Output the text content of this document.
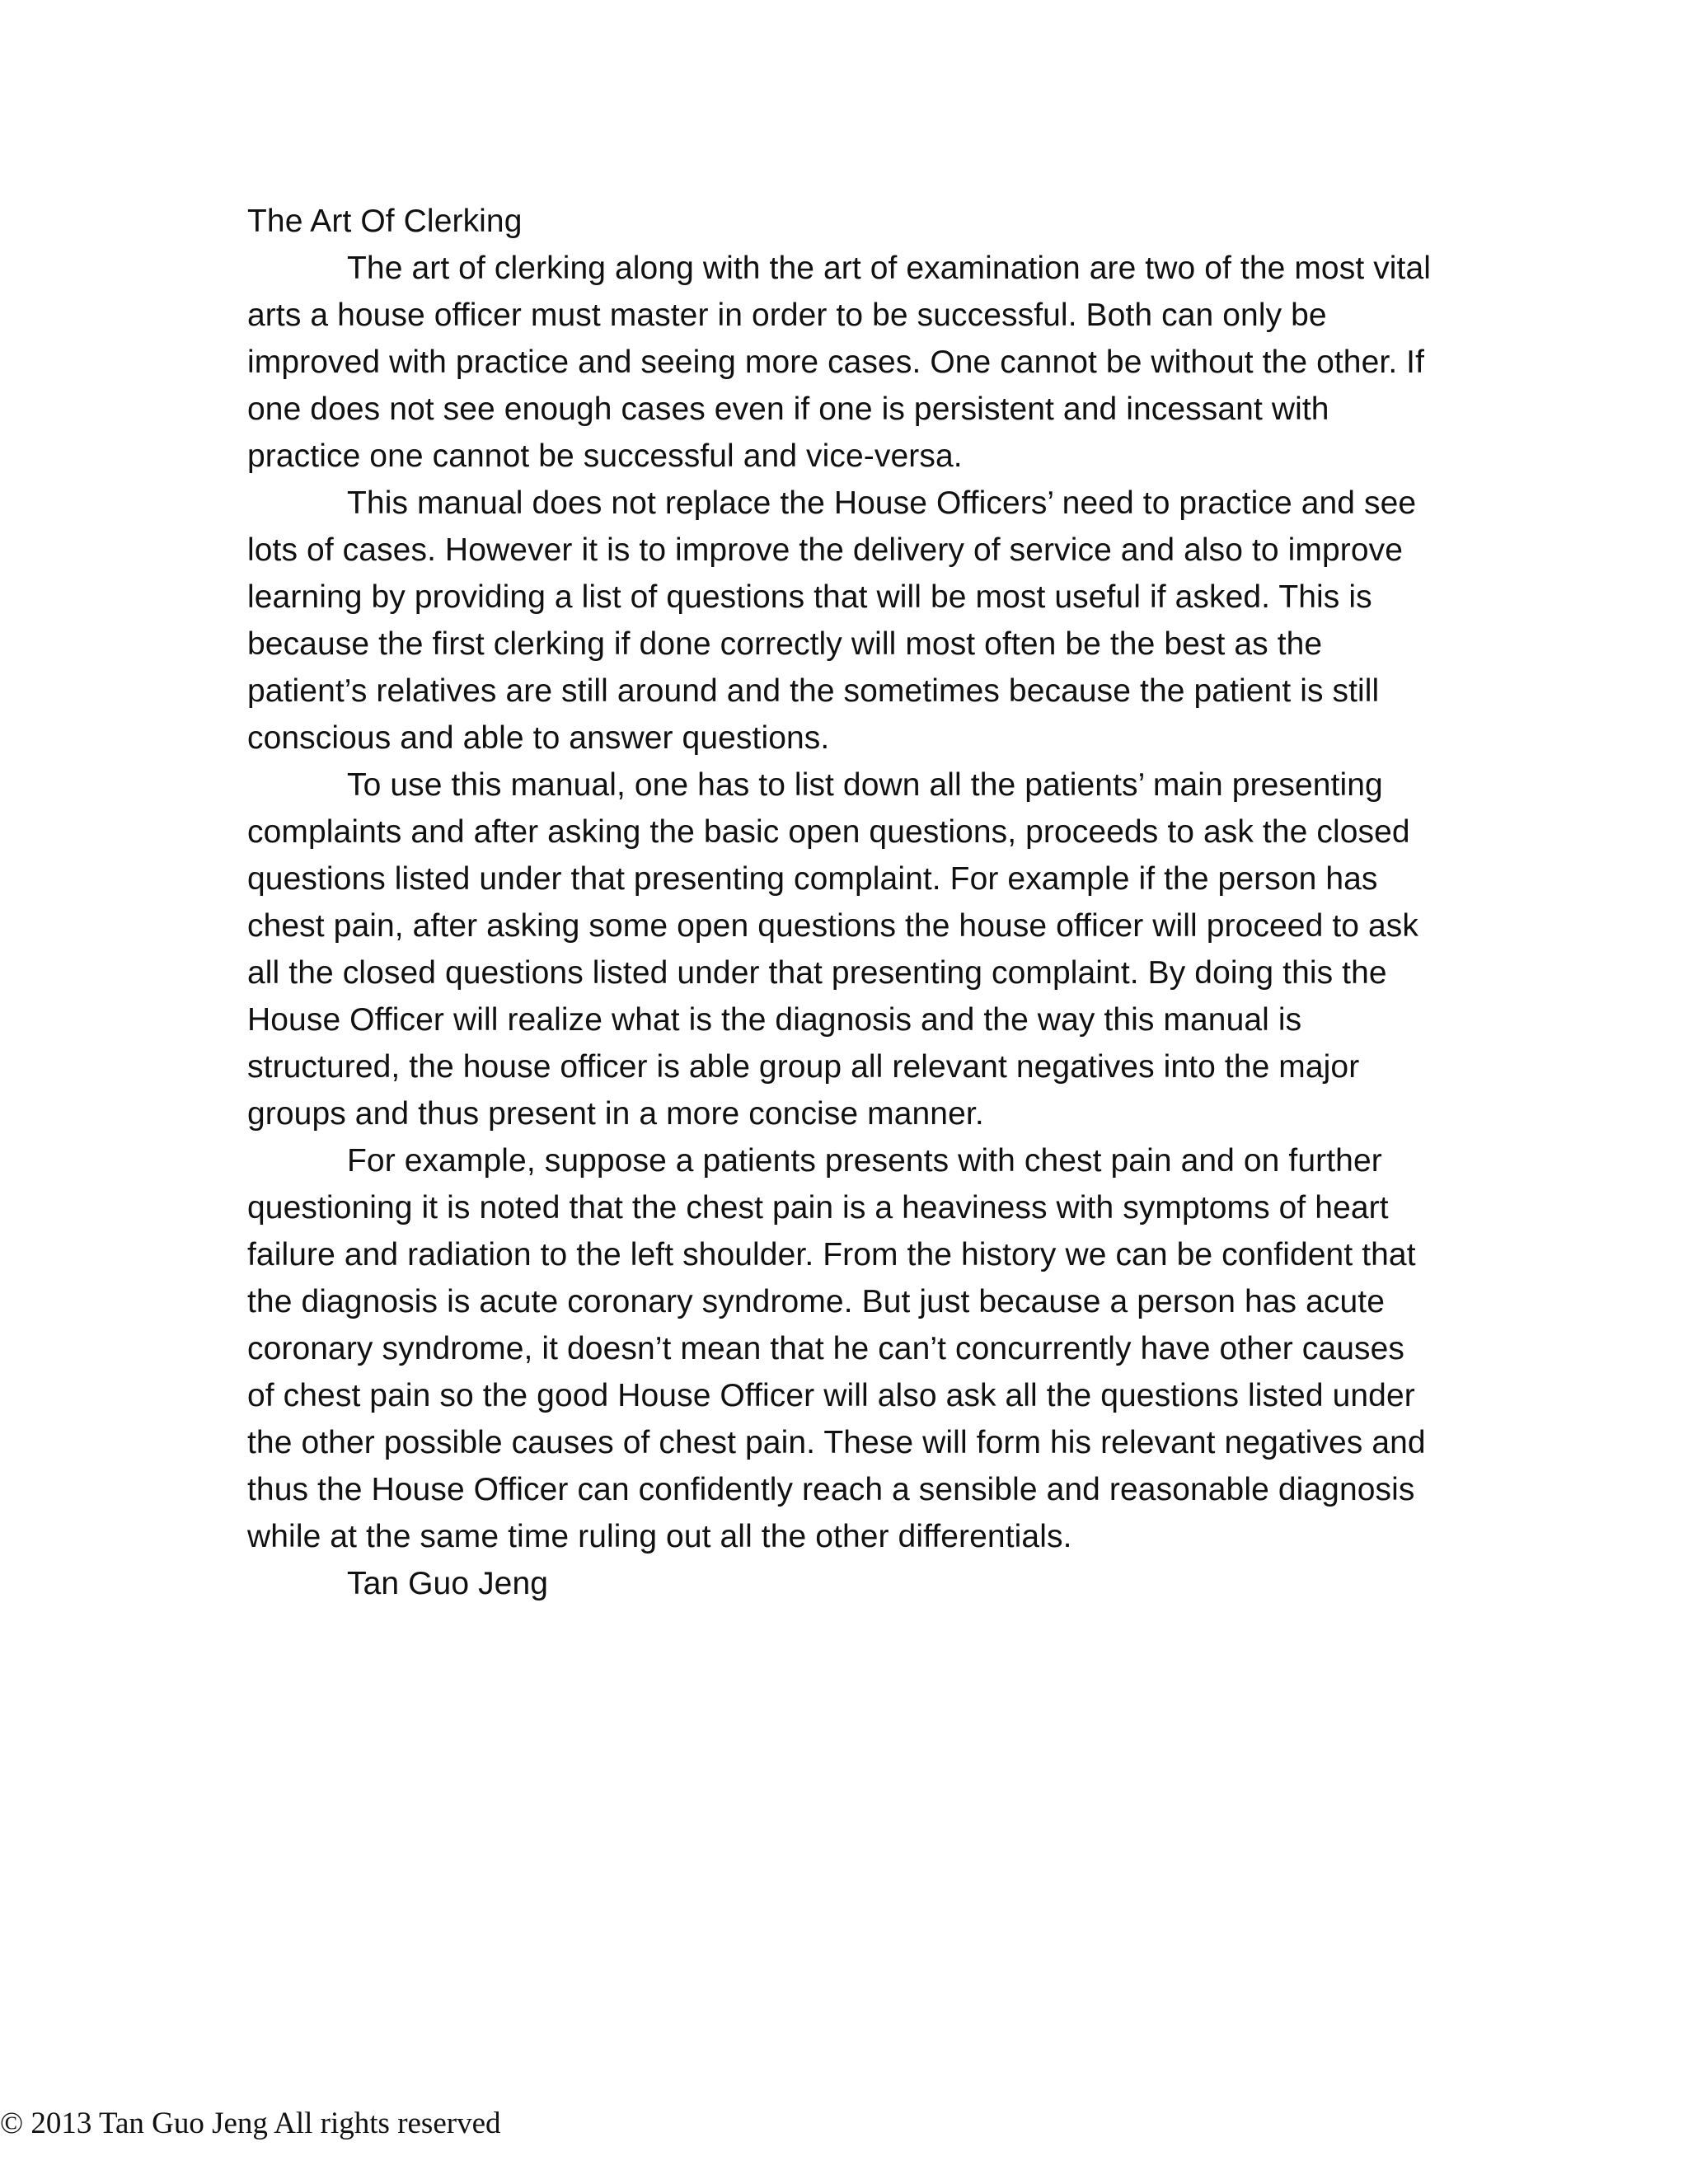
The Art Of Clerking

The art of clerking along with the art of examination are two of the most vital arts a house officer must master in order to be successful. Both can only be improved with practice and seeing more cases. One cannot be without the other. If one does not see enough cases even if one is persistent and incessant with practice one cannot be successful and vice-versa.

This manual does not replace the House Officers’ need to practice and see lots of cases. However it is to improve the delivery of service and also to improve learning by providing a list of questions that will be most useful if asked. This is because the first clerking if done correctly will most often be the best as the patient’s relatives are still around and the sometimes because the patient is still conscious and able to answer questions.

To use this manual, one has to list down all the patients’ main presenting complaints and after asking the basic open questions, proceeds to ask the closed questions listed under that presenting complaint. For example if the person has chest pain, after asking some open questions the house officer will proceed to ask all the closed questions listed under that presenting complaint. By doing this the House Officer will realize what is the diagnosis and the way this manual is structured, the house officer is able group all relevant negatives into the major groups and thus present in a more concise manner.

For example, suppose a patients presents with chest pain and on further questioning it is noted that the chest pain is a heaviness with symptoms of heart failure and radiation to the left shoulder. From the history we can be confident that the diagnosis is acute coronary syndrome. But just because a person has acute coronary syndrome, it doesn’t mean that he can’t concurrently have other causes of chest pain so the good House Officer will also ask all the questions listed under the other possible causes of chest pain. These will form his relevant negatives and thus the House Officer can confidently reach a sensible and reasonable diagnosis while at the same time ruling out all the other differentials.

Tan Guo Jeng

© 2013 Tan Guo Jeng All rights reserved
